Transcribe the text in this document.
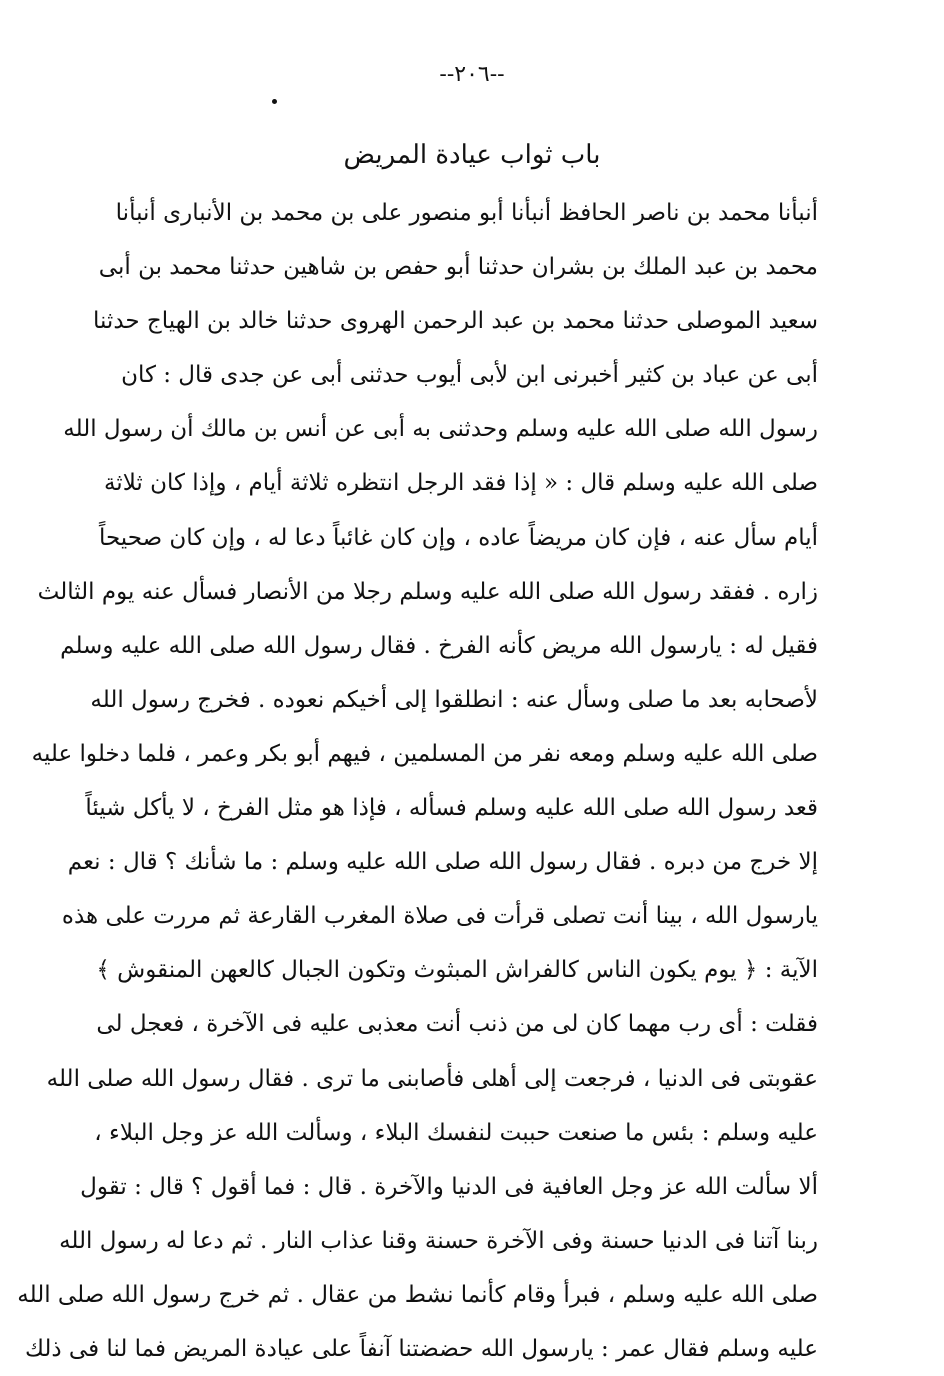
--٢٠٦--
باب ثواب عيادة المريض
أنبأنا محمد بن ناصر الحافظ أنبأنا أبو منصور على بن محمد بن الأنبارى أنبأنا
محمد بن عبد الملك بن بشران حدثنا أبو حفص بن شاهين حدثنا محمد بن أبى
سعيد الموصلى حدثنا محمد بن عبد الرحمن الهروى حدثنا خالد بن الهياج حدثنا
أبى عن عباد بن كثير أخبرنى ابن لأبى أيوب حدثنى أبى عن جدى قال : كان
رسول الله صلى الله عليه وسلم وحدثنى به أبى عن أنس بن مالك أن رسول الله
صلى الله عليه وسلم قال : « إذا فقد الرجل انتظره ثلاثة أيام ، وإذا كان ثلاثة
أيام سأل عنه ، فإن كان مريضاً عاده ، وإن كان غائباً دعا له ، وإن كان صحيحاً
زاره . ففقد رسول الله صلى الله عليه وسلم رجلا من الأنصار فسأل عنه يوم الثالث
فقيل له : يارسول الله مريض كأنه الفرخ . فقال رسول الله صلى الله عليه وسلم
لأصحابه بعد ما صلى وسأل عنه : انطلقوا إلى أخيكم نعوده . فخرج رسول الله
صلى الله عليه وسلم ومعه نفر من المسلمين ، فيهم أبو بكر وعمر ، فلما دخلوا عليه
قعد رسول الله صلى الله عليه وسلم فسأله ، فإذا هو مثل الفرخ ، لا يأكل شيئاً
إلا خرج من دبره . فقال رسول الله صلى الله عليه وسلم : ما شأنك ؟ قال : نعم
يارسول الله ، بينا أنت تصلى قرأت فى صلاة المغرب القارعة ثم مررت على هذه
الآية : ﴿ يوم يكون الناس كالفراش المبثوث وتكون الجبال كالعهن المنقوش ﴾
فقلت : أى رب مهما كان لى من ذنب أنت معذبى عليه فى الآخرة ، فعجل لى
عقوبتى فى الدنيا ، فرجعت إلى أهلى فأصابنى ما ترى . فقال رسول الله صلى الله
عليه وسلم : بئس ما صنعت حببت لنفسك البلاء ، وسألت الله عز وجل البلاء ،
ألا سألت الله عز وجل العافية فى الدنيا والآخرة . قال : فما أقول ؟ قال : تقول
ربنا آتنا فى الدنيا حسنة وفى الآخرة حسنة وقنا عذاب النار . ثم دعا له رسول الله
صلى الله عليه وسلم ، فبرأ وقام كأنما نشط من عقال . ثم خرج رسول الله صلى الله
عليه وسلم فقال عمر : يارسول الله حضضتنا آنفاً على عيادة المريض فما لنا فى ذلك
